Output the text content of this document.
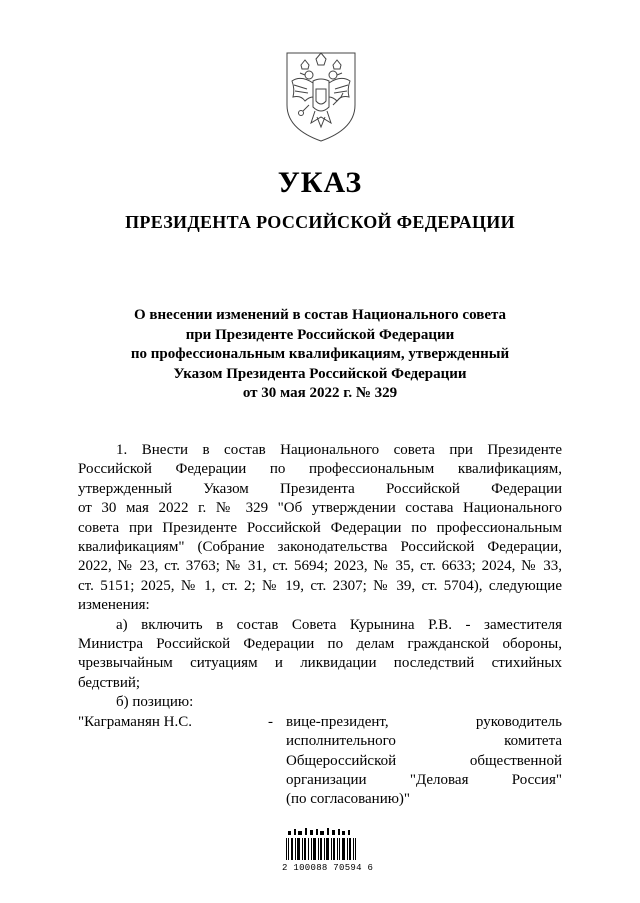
УКАЗ
ПРЕЗИДЕНТА РОССИЙСКОЙ ФЕДЕРАЦИИ
О внесении изменений в состав Национального совета
при Президенте Российской Федерации
по профессиональным квалификациям, утвержденный
Указом Президента Российской Федерации
от 30 мая 2022 г. № 329
1. Внести в состав Национального совета при Президенте
Российской Федерации по профессиональным квалификациям,
утвержденный Указом Президента Российской Федерации
от 30 мая 2022 г. № 329 "Об утверждении состава Национального
совета при Президенте Российской Федерации по профессиональным
квалификациям" (Собрание законодательства Российской Федерации,
2022, № 23, ст. 3763; № 31, ст. 5694; 2023, № 35, ст. 6633; 2024, № 33,
ст. 5151; 2025, № 1, ст. 2; № 19, ст. 2307; № 39, ст. 5704), следующие
изменения:
а) включить в состав Совета Курынина Р.В. - заместителя
Министра Российской Федерации по делам гражданской обороны,
чрезвычайным ситуациям и ликвидации последствий стихийных
бедствий;
б) позицию:
"Каграманян Н.С.	- вице-президент, руководитель
исполнительного комитета
Общероссийской общественной
организации "Деловая Россия"
(по согласованию)"
2 100088 70594 6
